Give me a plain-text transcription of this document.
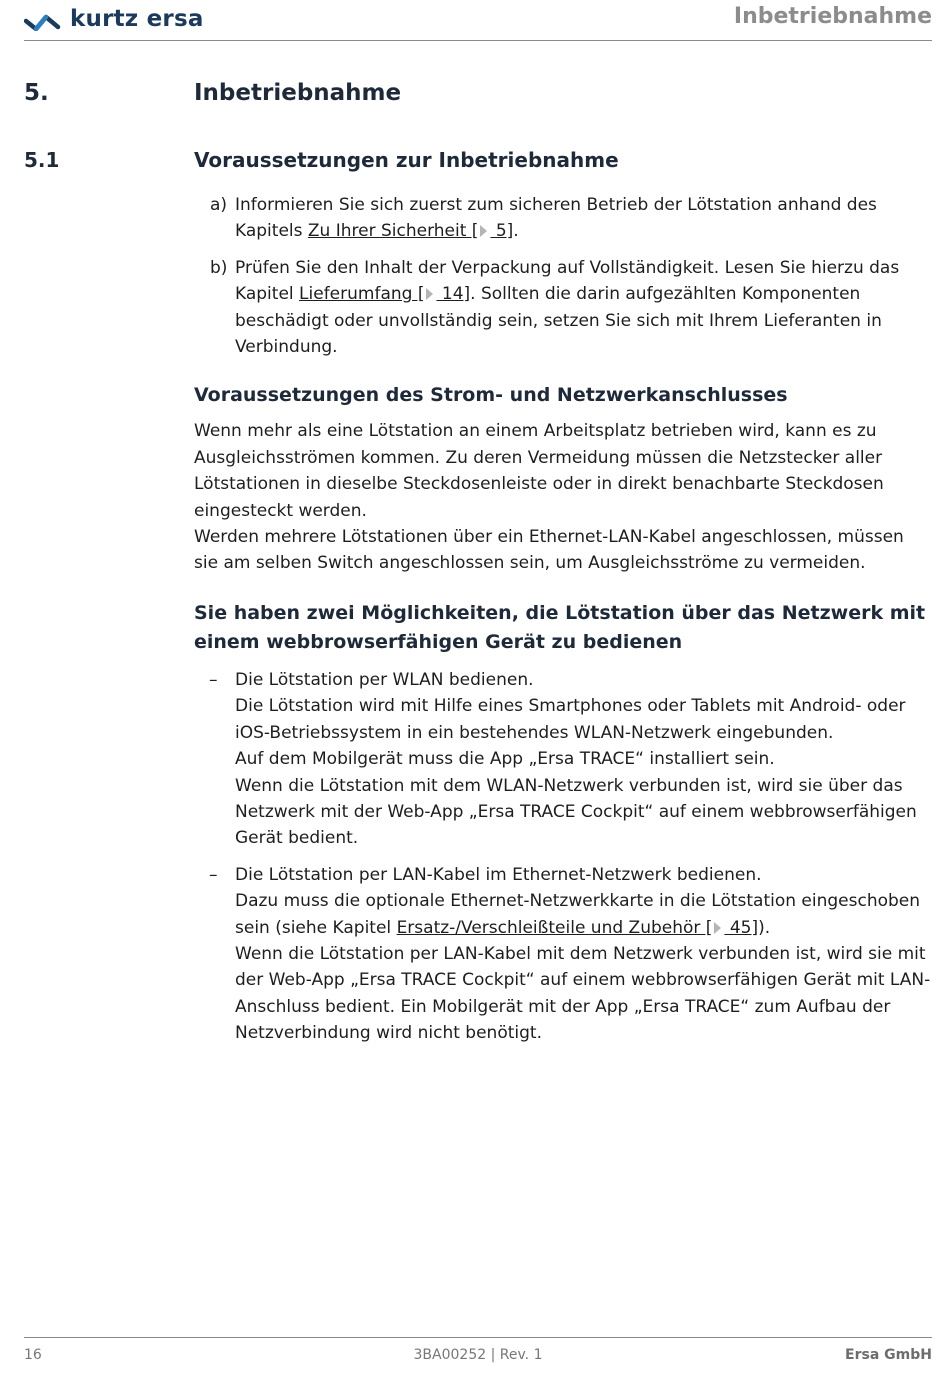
kurtz ersa	Inbetriebnahme
5.	Inbetriebnahme
5.1	Voraussetzungen zur Inbetriebnahme
a) Informieren Sie sich zuerst zum sicheren Betrieb der Lötstation anhand des Kapitels Zu Ihrer Sicherheit [ 5].
b) Prüfen Sie den Inhalt der Verpackung auf Vollständigkeit. Lesen Sie hierzu das Kapitel Lieferumfang [ 14]. Sollten die darin aufgezählten Komponenten beschädigt oder unvollständig sein, setzen Sie sich mit Ihrem Lieferanten in Verbindung.
Voraussetzungen des Strom- und Netzwerkanschlusses

Wenn mehr als eine Lötstation an einem Arbeitsplatz betrieben wird, kann es zu Ausgleichsströmen kommen. Zu deren Vermeidung müssen die Netzstecker aller Lötstationen in dieselbe Steckdosenleiste oder in direkt benachbarte Steckdosen eingesteckt werden.

Werden mehrere Lötstationen über ein Ethernet-LAN-Kabel angeschlossen, müssen sie am selben Switch angeschlossen sein, um Ausgleichsströme zu vermeiden.

Sie haben zwei Möglichkeiten, die Lötstation über das Netzwerk mit einem webbrowserfähigen Gerät zu bedienen
– Die Lötstation per WLAN bedienen.
Die Lötstation wird mit Hilfe eines Smartphones oder Tablets mit Android- oder iOS-Betriebssystem in ein bestehendes WLAN-Netzwerk eingebunden.
Auf dem Mobilgerät muss die App „Ersa TRACE“ installiert sein.
Wenn die Lötstation mit dem WLAN-Netzwerk verbunden ist, wird sie über das Netzwerk mit der Web-App „Ersa TRACE Cockpit“ auf einem webbrowserfähigen Gerät bedient.
– Die Lötstation per LAN-Kabel im Ethernet-Netzwerk bedienen.
Dazu muss die optionale Ethernet-Netzwerkkarte in die Lötstation eingeschoben sein (siehe Kapitel Ersatz-/Verschleißteile und Zubehör [ 45]).
Wenn die Lötstation per LAN-Kabel mit dem Netzwerk verbunden ist, wird sie mit der Web-App „Ersa TRACE Cockpit“ auf einem webbrowserfähigen Gerät mit LAN-Anschluss bedient. Ein Mobilgerät mit der App „Ersa TRACE“ zum Aufbau der Netzverbindung wird nicht benötigt.
16	3BA00252 | Rev. 1	Ersa GmbH
